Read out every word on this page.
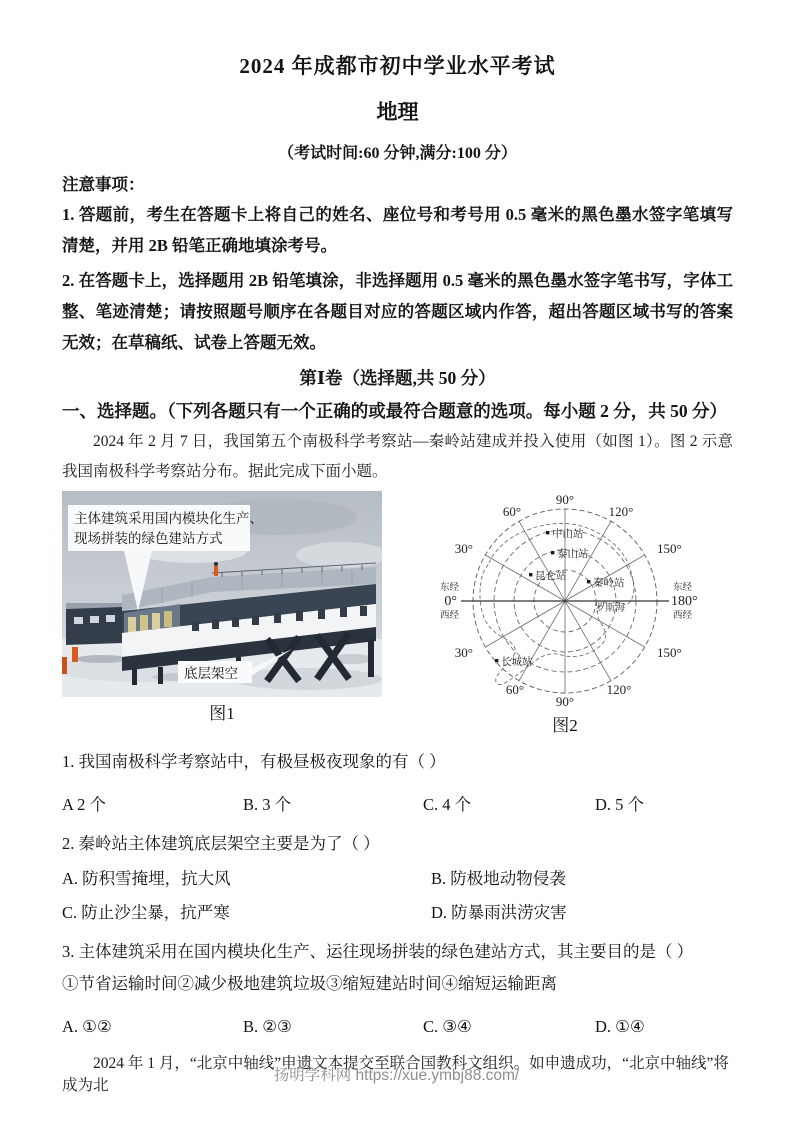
2024 年成都市初中学业水平考试
地理
（考试时间:60 分钟,满分:100 分）
注意事项：

1. 答题前，考生在答题卡上将自己的姓名、座位号和考号用 0.5 毫米的黑色墨水签字笔填写清楚，并用 2B 铅笔正确地填涂考号。

2. 在答题卡上，选择题用 2B 铅笔填涂，非选择题用 0.5 毫米的黑色墨水签字笔书写，字体工整、笔迹清楚；请按照题号顺序在各题目对应的答题区域内作答，超出答题区域书写的答案无效；在草稿纸、试卷上答题无效。

第Ⅰ卷（选择题,共 50 分）
一、选择题。（下列各题只有一个正确的或最符合题意的选项。每小题 2 分，共 50 分）

2024 年 2 月 7 日，我国第五个南极科学考察站—秦岭站建成并投入使用（如图 1）。图 2 示意我国南极科学考察站分布。据此完成下面小题。

主体建筑采用国内模块化生产、
现场拼装的绿色建站方式
底层架空
图1
90°
60°	120°
30°	150°
30°	150°
60°	120°
90°
东经
0°
西经
东经
180°
西经
中山站
泰山站
昆仑站
秦岭站
罗斯海
长城站
图2
1. 我国南极科学考察站中，有极昼极夜现象的有（ ）
A 2 个	B. 3 个	C. 4 个	D. 5 个
2. 秦岭站主体建筑底层架空主要是为了（ ）
A. 防积雪掩埋，抗大风	B. 防极地动物侵袭
C. 防止沙尘暴，抗严寒	D. 防暴雨洪涝灾害
3. 主体建筑采用在国内模块化生产、运往现场拼装的绿色建站方式，其主要目的是（ ）
①节省运输时间②减少极地建筑垃圾③缩短建站时间④缩短运输距离
A. ①②	B. ②③	C. ③④	D. ①④

2024 年 1 月，“北京中轴线”申遗文本提交至联合国教科文组织。如申遗成功，“北京中轴线”将成为北

扬明学科网 https://xue.ymbj88.com/
